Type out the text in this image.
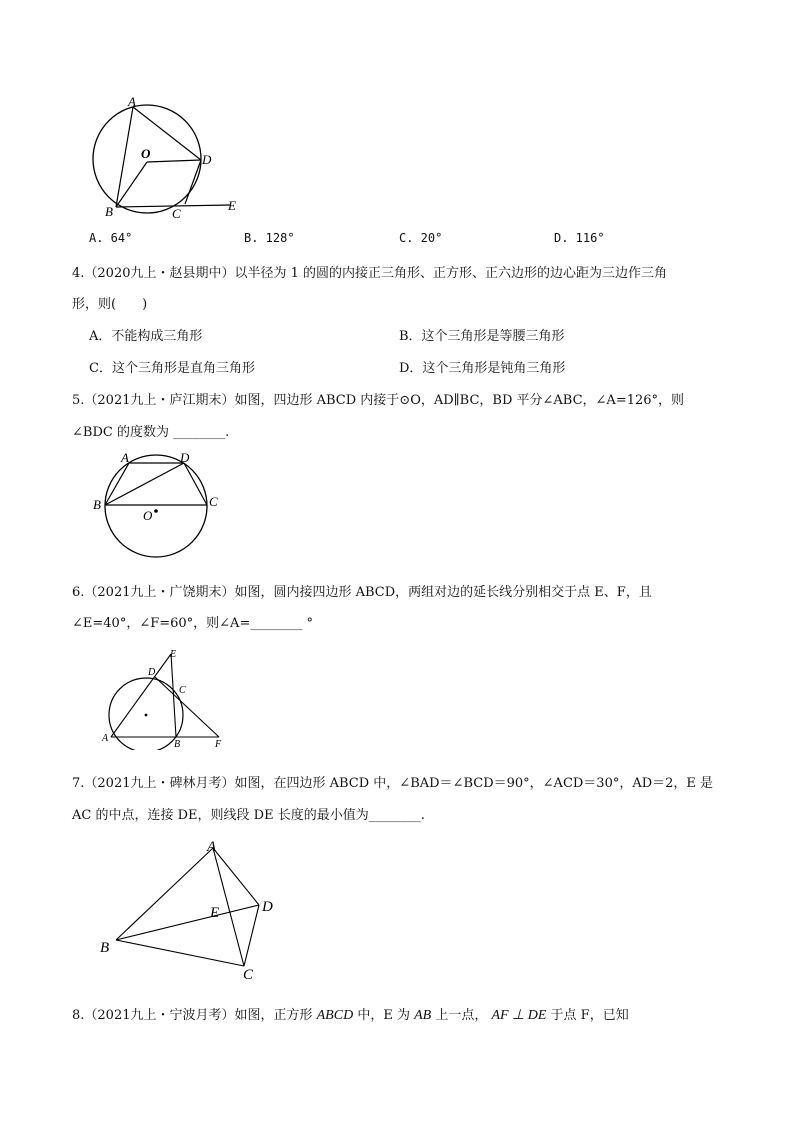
A
O	D
B	C
E
A. 64°	B. 128°	C. 20°	D. 116°
4.（2020九上・赵县期中）以半径为 1 的圆的内接正三角形、正方形、正六边形的边心距为三边作三角
形，则(　　)
A．不能构成三角形	B．这个三角形是等腰三角形
C．这个三角形是直角三角形	D．这个三角形是钝角三角形
5.（2021九上・庐江期末）如图，四边形 ABCD 内接于⊙O，AD∥BC，BD 平分∠ABC，∠A=126°，则
∠BDC 的度数为 ________.
A	D
B	C
O
6.（2021九上・广饶期末）如图，圆内接四边形 ABCD，两组对边的延长线分别相交于点 E、F，且
∠E=40°，∠F=60°，则∠A=________ °
E
D
C
A
B	F
7.（2021九上・碑林月考）如图，在四边形 ABCD 中，∠BAD＝∠BCD＝90°，∠ACD＝30°，AD＝2，E 是
AC 的中点，连接 DE，则线段 DE 长度的最小值为________.
A
E	D
B
C
8.（2021九上・宁波月考）如图，正方形 ABCD 中，E 为 AB 上一点， AF ⊥ DE 于点 F，已知
